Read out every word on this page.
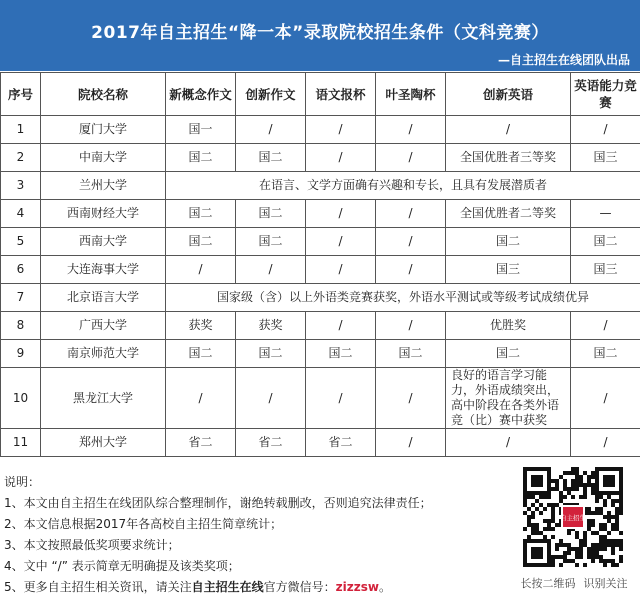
2017年自主招生“降一本”录取院校招生条件（文科竞赛）
—自主招生在线团队出品
序号	院校名称	新概念作文	创新作文	语文报杯	叶圣陶杯	创新英语	英语能力竞赛
1	厦门大学	国一	/	/	/	/	/
2	中南大学	国二	国二	/	/	全国优胜者三等奖	国三
3	兰州大学	在语言、文学方面确有兴趣和专长，且具有发展潜质者					
4	西南财经大学	国二	国二	/	/	全国优胜者二等奖	—
5	西南大学	国二	国二	/	/	国二	国二
6	大连海事大学	/	/	/	/	国三	国三
7	北京语言大学	国家级（含）以上外语类竞赛获奖，外语水平测试或等级考试成绩优异					
8	广西大学	获奖	获奖	/	/	优胜奖	/
9	南京师范大学	国二	国二	国二	国二	国二	国二
10	黑龙江大学	/	/	/	/	良好的语言学习能力，外语成绩突出，高中阶段在各类外语竞（比）赛中获奖	/
11	郑州大学	省二	省二	省二	/	/	/
说明：
1、本文由自主招生在线团队综合整理制作，谢绝转载删改，否则追究法律责任；
2、本文信息根据2017年各高校自主招生简章统计；
3、本文按照最低奖项要求统计；
4、文中 “/” 表示简章无明确提及该类奖项；
5、更多自主招生相关资讯，请关注自主招生在线官方微信号：zizzsw。
自主招生
长按二维码 识别关注
